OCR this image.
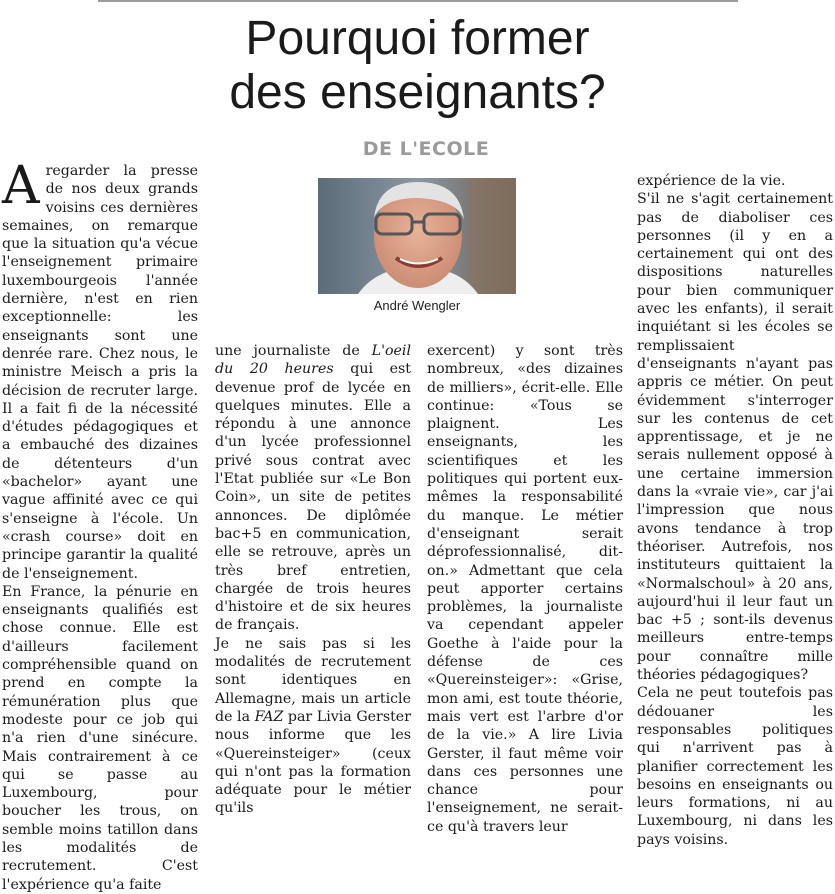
Pourquoi former
des enseignants?
DE L'ECOLE
André Wengler

Aregarder la presse de nos deux grands voisins ces dernières semaines, on remarque que la situation qu'a vécue l'enseignement primaire luxembourgeois l'année dernière, n'est en rien exceptionnelle: les enseignants sont une denrée rare. Chez nous, le ministre Meisch a pris la décision de recruter large. Il a fait fi de la nécessité d'études pédagogiques et a embauché des dizaines de détenteurs d'un «bachelor» ayant une vague affinité avec ce qui s'enseigne à l'école. Un «crash course» doit en principe garantir la qualité de l'enseignement.

En France, la pénurie en enseignants qualifiés est chose connue. Elle est d'ailleurs facilement compréhensible quand on prend en compte la rémunération plus que modeste pour ce job qui n'a rien d'une sinécure. Mais contrairement à ce qui se passe au Luxembourg, pour boucher les trous, on semble moins tatillon dans les modalités de recrutement. C'est l'expérience qu'a faite

une journaliste de L'oeil du 20 heures qui est devenue prof de lycée en quelques minutes. Elle a répondu à une annonce d'un lycée professionnel privé sous contrat avec l'Etat publiée sur «Le Bon Coin», un site de petites annonces. De diplômée bac+5 en communication, elle se retrouve, après un très bref entretien, chargée de trois heures d'histoire et de six heures de français.

Je ne sais pas si les modalités de recrutement sont identiques en Allemagne, mais un article de la FAZ par Livia Gerster nous informe que les «Quereinsteiger» (ceux qui n'ont pas la formation adéquate pour le métier qu'ils

exercent) y sont très nombreux, «des dizaines de milliers», écrit-elle. Elle continue: «Tous se plaignent. Les enseignants, les scientifiques et les politiques qui portent eux-mêmes la responsabilité du manque. Le métier d'enseignant serait déprofessionnalisé, dit-on.» Admettant que cela peut apporter certains problèmes, la journaliste va cependant appeler Goethe à l'aide pour la défense de ces «Quereinsteiger»: «Grise, mon ami, est toute théorie, mais vert est l'arbre d'or de la vie.» A lire Livia Gerster, il faut même voir dans ces personnes une chance pour l'enseignement, ne serait-ce qu'à travers leur

expérience de la vie.

S'il ne s'agit certainement pas de diaboliser ces personnes (il y en a certainement qui ont des dispositions naturelles pour bien communiquer avec les enfants), il serait inquiétant si les écoles se remplissaient d'enseignants n'ayant pas appris ce métier. On peut évidemment s'interroger sur les contenus de cet apprentissage, et je ne serais nullement opposé à une certaine immersion dans la «vraie vie», car j'ai l'impression que nous avons tendance à trop théoriser. Autrefois, nos instituteurs quittaient la «Normalschoul» à 20 ans, aujourd'hui il leur faut un bac +5 ; sont-ils devenus meilleurs entre-temps pour connaître mille théories pédagogiques?

Cela ne peut toutefois pas dédouaner les responsables politiques qui n'arrivent pas à planifier correctement les besoins en enseignants ou leurs formations, ni au Luxembourg, ni dans les pays voisins.
